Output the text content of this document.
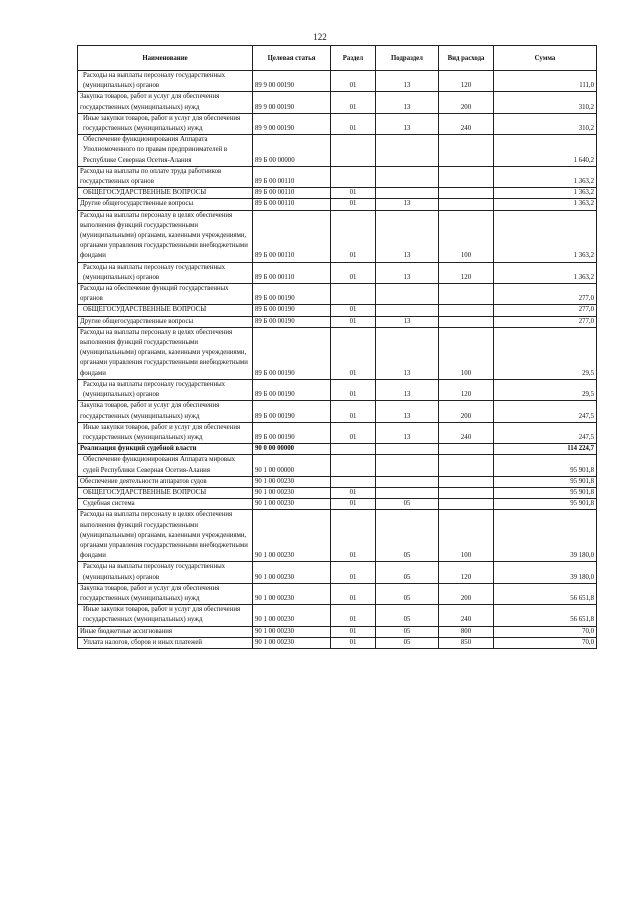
122
Наименование	Целевая статья	Раздел	Подраздел	Вид расхода	Сумма
Расходы на выплаты персоналу государственных (муниципальных) органов	89 9 00 00190	01	13	120	111,0
Закупка товаров, работ и услуг для обеспечения государственных (муниципальных) нужд	89 9 00 00190	01	13	200	310,2
Иные закупки товаров, работ и услуг для обеспечения государственных (муниципальных) нужд	89 9 00 00190	01	13	240	310,2
Обеспечение функционирования Аппарата Уполномоченного по правам предпринимателей в Республике Северная Осетия-Алания	89 Б 00 00000				1 640,2
Расходы на выплаты по оплате труда работников государственных органов	89 Б 00 00110				1 363,2
ОБЩЕГОСУДАРСТВЕННЫЕ ВОПРОСЫ	89 Б 00 00110	01			1 363,2
Другие общегосударственные вопросы	89 Б 00 00110	01	13		1 363,2
Расходы на выплаты персоналу в целях обеспечения выполнения функций государственными (муниципальными) органами, казенными учреждениями, органами управления государственными внебюджетными фондами	89 Б 00 00110	01	13	100	1 363,2
Расходы на выплаты персоналу государственных (муниципальных) органов	89 Б 00 00110	01	13	120	1 363,2
Расходы на обеспечение функций государственных органов	89 Б 00 00190				277,0
ОБЩЕГОСУДАРСТВЕННЫЕ ВОПРОСЫ	89 Б 00 00190	01			277,0
Другие общегосударственные вопросы	89 Б 00 00190	01	13		277,0
Расходы на выплаты персоналу в целях обеспечения выполнения функций государственными (муниципальными) органами, казенными учреждениями, органами управления государственными внебюджетными фондами	89 Б 00 00190	01	13	100	29,5
Расходы на выплаты персоналу государственных (муниципальных) органов	89 Б 00 00190	01	13	120	29,5
Закупка товаров, работ и услуг для обеспечения государственных (муниципальных) нужд	89 Б 00 00190	01	13	200	247,5
Иные закупки товаров, работ и услуг для обеспечения государственных (муниципальных) нужд	89 Б 00 00190	01	13	240	247,5
Реализация функций судебной власти	90 0 00 00000				114 224,7
Обеспечение функционирования Аппарата мировых судей Республики Северная Осетия-Алания	90 1 00 00000				95 901,8
Обеспечение деятельности аппаратов судов	90 1 00 00230				95 901,8
ОБЩЕГОСУДАРСТВЕННЫЕ ВОПРОСЫ	90 1 00 00230	01			95 901,8
Судебная система	90 1 00 00230	01	05		95 901,8
Расходы на выплаты персоналу в целях обеспечения выполнения функций государственными (муниципальными) органами, казенными учреждениями, органами управления государственными внебюджетными фондами	90 1 00 00230	01	05	100	39 180,0
Расходы на выплаты персоналу государственных (муниципальных) органов	90 1 00 00230	01	05	120	39 180,0
Закупка товаров, работ и услуг для обеспечения государственных (муниципальных) нужд	90 1 00 00230	01	05	200	56 651,8
Иные закупки товаров, работ и услуг для обеспечения государственных (муниципальных) нужд	90 1 00 00230	01	05	240	56 651,8
Иные бюджетные ассигнования	90 1 00 00230	01	05	800	70,0
Уплата налогов, сборов и иных платежей	90 1 00 00230	01	05	850	70,0
